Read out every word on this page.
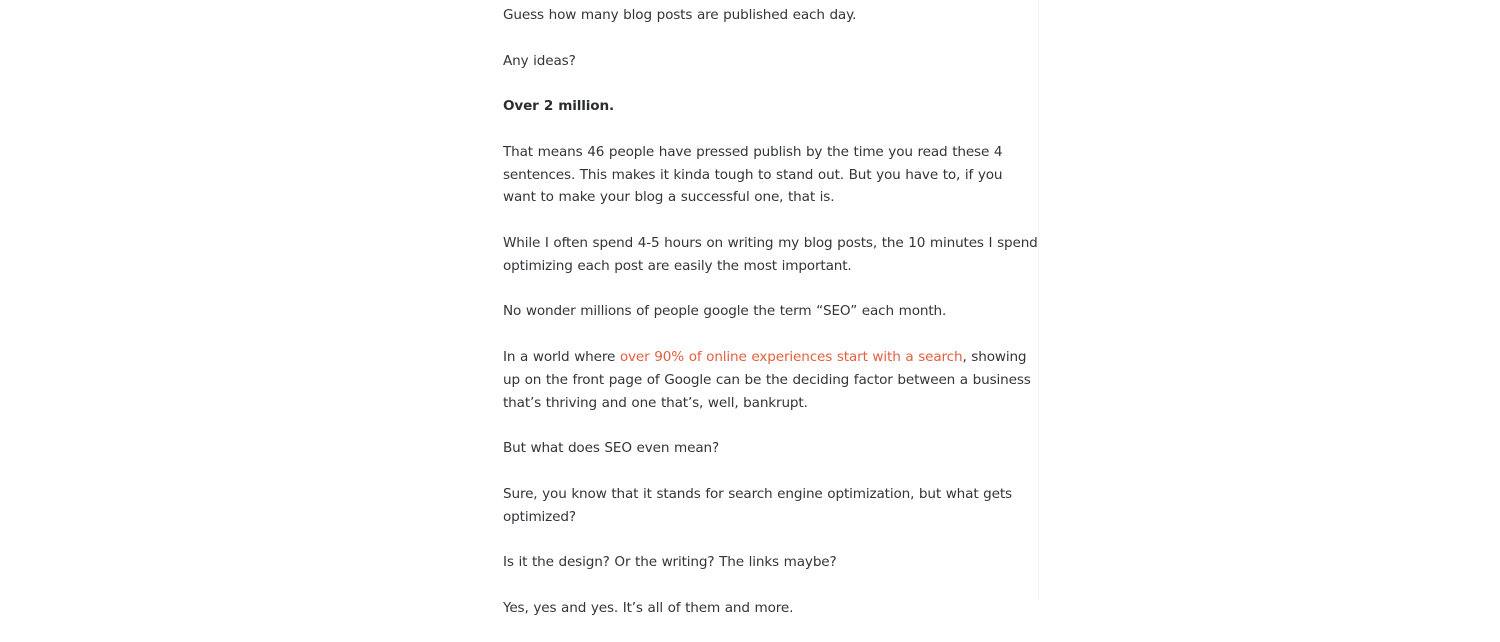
Guess how many blog posts are published each day.

Any ideas?

Over 2 million.

That means 46 people have pressed publish by the time you read these 4 sentences. This makes it kinda tough to stand out. But you have to, if you want to make your blog a successful one, that is.

While I often spend 4-5 hours on writing my blog posts, the 10 minutes I spend optimizing each post are easily the most important.

No wonder millions of people google the term “SEO” each month.

In a world where over 90% of online experiences start with a search, showing up on the front page of Google can be the deciding factor between a business that’s thriving and one that’s, well, bankrupt.

But what does SEO even mean?

Sure, you know that it stands for search engine optimization, but what gets optimized?

Is it the design? Or the writing? The links maybe?

Yes, yes and yes. It’s all of them and more.
